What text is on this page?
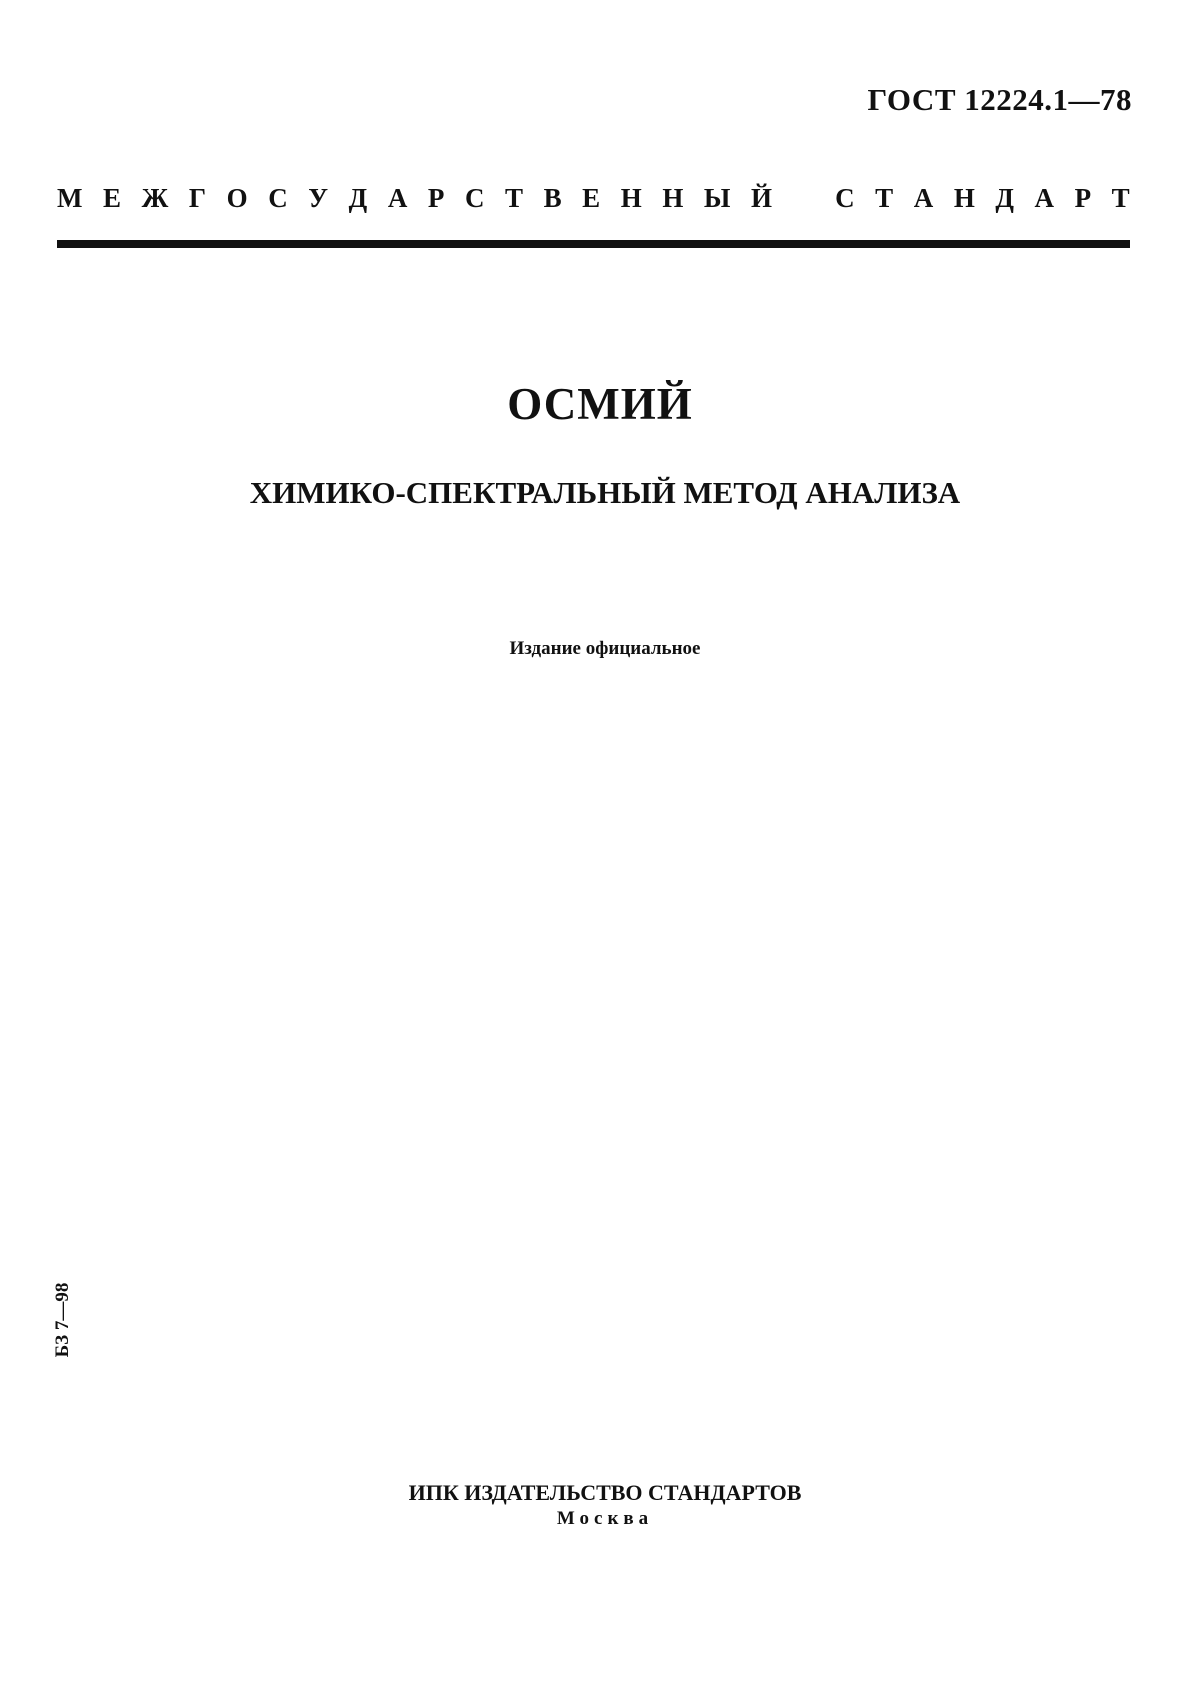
ГОСТ 12224.1—78
М Е Ж Г О С У Д А Р С Т В Е Н Н Ы Й С Т А Н Д А Р Т
ОСМИЙ
ХИМИКО-СПЕКТРАЛЬНЫЙ МЕТОД АНАЛИЗА
Издание официальное
БЗ 7—98
ИПК ИЗДАТЕЛЬСТВО СТАНДАРТОВ
Москва
